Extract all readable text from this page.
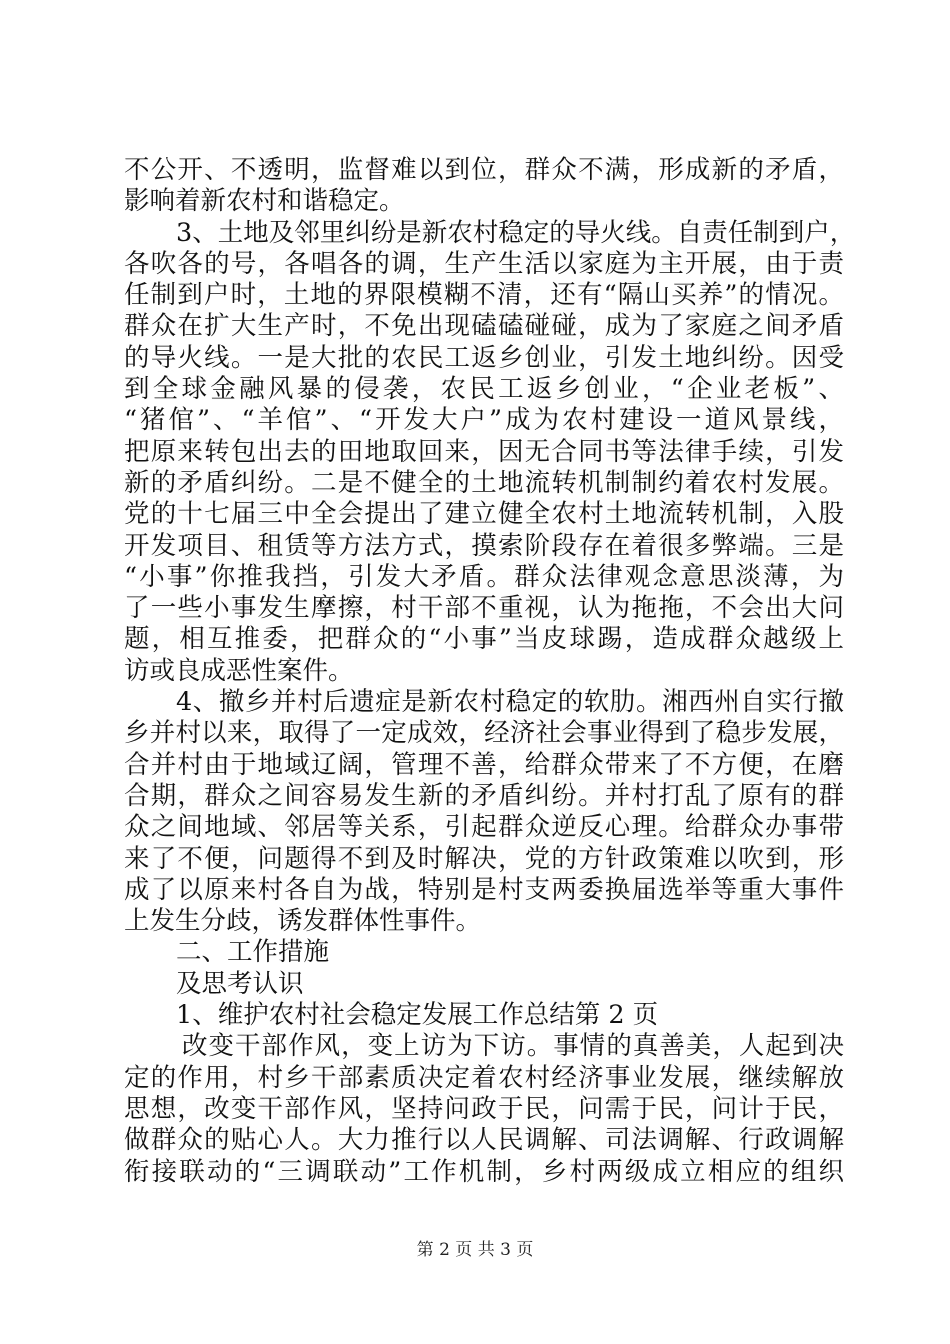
不公开、不透明，监督难以到位，群众不满，形成新的矛盾，
影响着新农村和谐稳定。
3、土地及邻里纠纷是新农村稳定的导火线。自责任制到户，
各吹各的号，各唱各的调，生产生活以家庭为主开展，由于责
任制到户时，土地的界限模糊不清，还有“隔山买养”的情况。
群众在扩大生产时，不免出现磕磕碰碰，成为了家庭之间矛盾
的导火线。一是大批的农民工返乡创业，引发土地纠纷。因受
到全球金融风暴的侵袭，农民工返乡创业，“企业老板”、
“猪倌”、“羊倌”、“开发大户”成为农村建设一道风景线，
把原来转包出去的田地取回来，因无合同书等法律手续，引发
新的矛盾纠纷。二是不健全的土地流转机制制约着农村发展。
党的十七届三中全会提出了建立健全农村土地流转机制，入股
开发项目、租赁等方法方式，摸索阶段存在着很多弊端。三是
“小事”你推我挡，引发大矛盾。群众法律观念意思淡薄，为
了一些小事发生摩擦，村干部不重视，认为拖拖，不会出大问
题，相互推委，把群众的“小事”当皮球踢，造成群众越级上
访或良成恶性案件。
4、撤乡并村后遗症是新农村稳定的软肋。湘西州自实行撤
乡并村以来，取得了一定成效，经济社会事业得到了稳步发展，
合并村由于地域辽阔，管理不善，给群众带来了不方便，在磨
合期，群众之间容易发生新的矛盾纠纷。并村打乱了原有的群
众之间地域、邻居等关系，引起群众逆反心理。给群众办事带
来了不便，问题得不到及时解决，党的方针政策难以吹到，形
成了以原来村各自为战，特别是村支两委换届选举等重大事件
上发生分歧，诱发群体性事件。
二、工作措施
及思考认识
1、维护农村社会稳定发展工作总结第 2 页
改变干部作风，变上访为下访。事情的真善美，人起到决
定的作用，村乡干部素质决定着农村经济事业发展，继续解放
思想，改变干部作风，坚持问政于民，问需于民，问计于民，
做群众的贴心人。大力推行以人民调解、司法调解、行政调解
衔接联动的“三调联动”工作机制，乡村两级成立相应的组织
第 2 页 共 3 页
